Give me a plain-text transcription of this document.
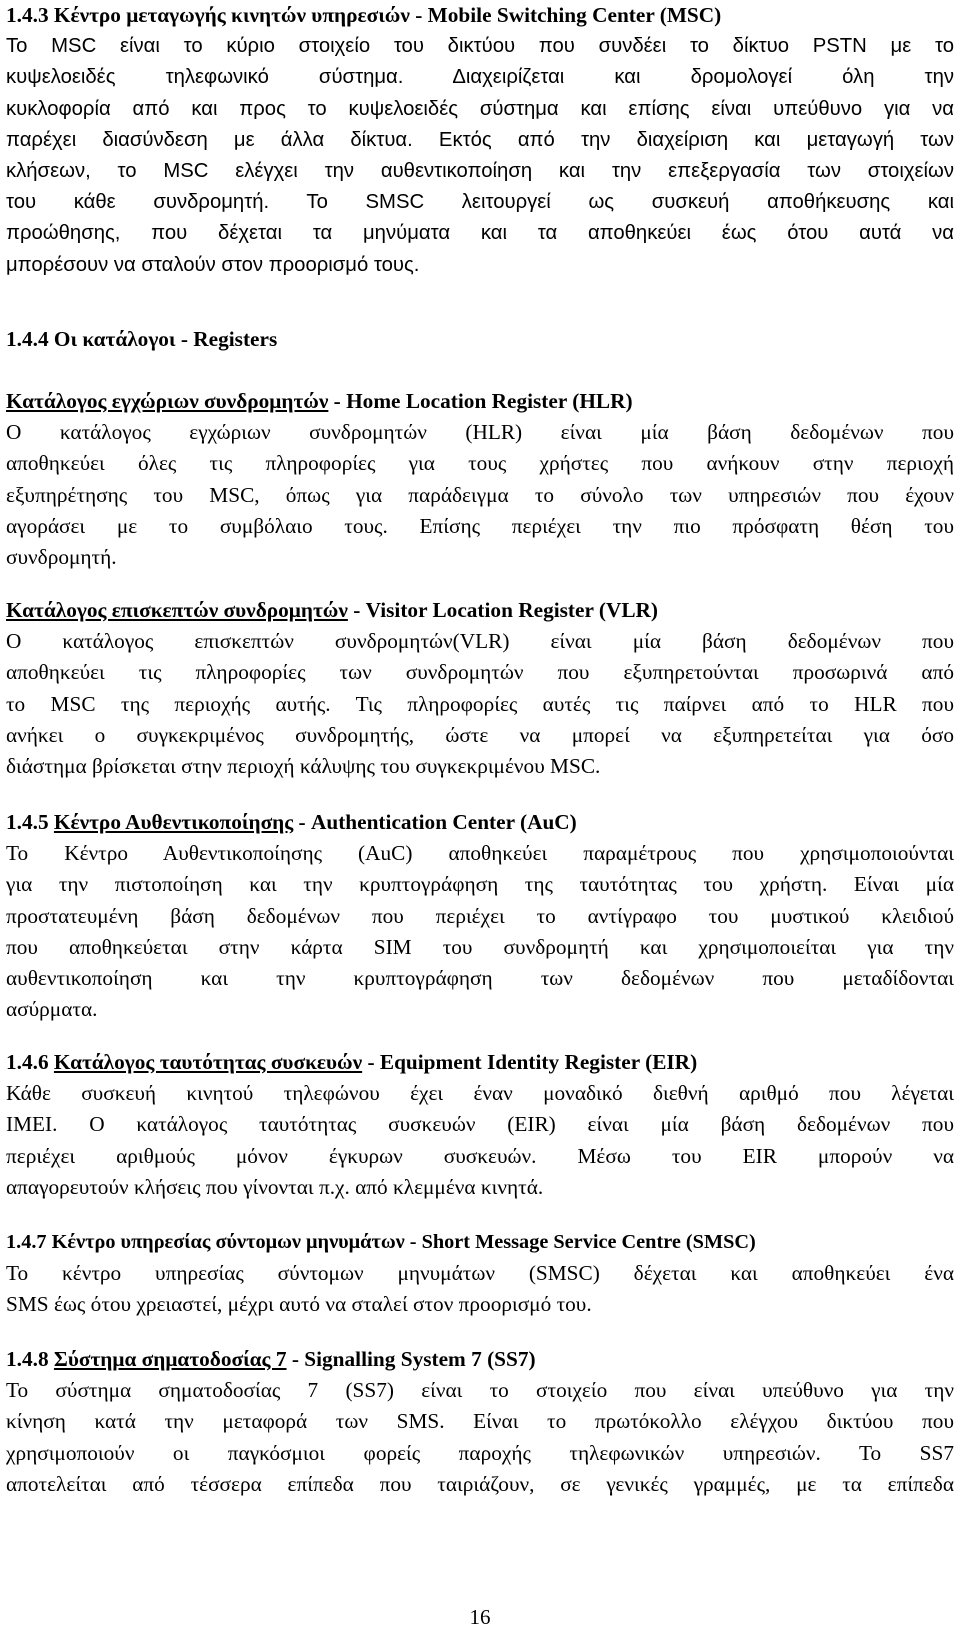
1.4.3 Κέντρο μεταγωγής κινητών υπηρεσιών - Mobile Switching Center (MSC)
Το MSC είναι το κύριο στοιχείο του δικτύου που συνδέει το δίκτυο PSTN με το
κυψελοειδές τηλεφωνικό σύστημα. Διαχειρίζεται και δρομολογεί όλη την
κυκλοφορία από και προς το κυψελοειδές σύστημα και επίσης είναι υπεύθυνο για να
παρέχει διασύνδεση με άλλα δίκτυα. Εκτός από την διαχείριση και μεταγωγή των
κλήσεων, το MSC ελέγχει την αυθεντικοποίηση και την επεξεργασία των στοιχείων
του κάθε συνδρομητή. Το SMSC λειτουργεί ως συσκευή αποθήκευσης και
προώθησης, που δέχεται τα μηνύματα και τα αποθηκεύει έως ότου αυτά να
μπορέσουν να σταλούν στον προορισμό τους.
1.4.4 Οι κατάλογοι - Registers
Κατάλογος εγχώριων συνδρομητών - Home Location Register (HLR)
Ο κατάλογος εγχώριων συνδρομητών (HLR) είναι μία βάση δεδομένων που
αποθηκεύει όλες τις πληροφορίες για τους χρήστες που ανήκουν στην περιοχή
εξυπηρέτησης του MSC, όπως για παράδειγμα το σύνολο των υπηρεσιών που έχουν
αγοράσει με το συμβόλαιο τους. Επίσης περιέχει την πιο πρόσφατη θέση του
συνδρομητή.
Κατάλογος επισκεπτών συνδρομητών - Visitor Location Register (VLR)
Ο κατάλογος επισκεπτών συνδρομητών(VLR) είναι μία βάση δεδομένων που
αποθηκεύει τις πληροφορίες των συνδρομητών που εξυπηρετούνται προσωρινά από
το MSC της περιοχής αυτής. Τις πληροφορίες αυτές τις παίρνει από το HLR που
ανήκει ο συγκεκριμένος συνδρομητής, ώστε να μπορεί να εξυπηρετείται για όσο
διάστημα βρίσκεται στην περιοχή κάλυψης του συγκεκριμένου MSC.
1.4.5 Κέντρο Αυθεντικοποίησης - Authentication Center (AuC)
Το Κέντρο Αυθεντικοποίησης (AuC) αποθηκεύει παραμέτρους που χρησιμοποιούνται
για την πιστοποίηση και την κρυπτογράφηση της ταυτότητας του χρήστη. Είναι μία
προστατευμένη βάση δεδομένων που περιέχει το αντίγραφο του μυστικού κλειδιού
που αποθηκεύεται στην κάρτα SIM του συνδρομητή και χρησιμοποιείται για την
αυθεντικοποίηση και την κρυπτογράφηση των δεδομένων που μεταδίδονται
ασύρματα.
1.4.6 Κατάλογος ταυτότητας συσκευών - Equipment Identity Register (EIR)
Κάθε συσκευή κινητού τηλεφώνου έχει έναν μοναδικό διεθνή αριθμό που λέγεται
IMEI. Ο κατάλογος ταυτότητας συσκευών (EIR) είναι μία βάση δεδομένων που
περιέχει αριθμούς μόνον έγκυρων συσκευών. Μέσω του EIR μπορούν να
απαγορευτούν κλήσεις που γίνονται π.χ. από κλεμμένα κινητά.
1.4.7 Κέντρο υπηρεσίας σύντομων μηνυμάτων - Short Message Service Centre (SMSC)
Το κέντρο υπηρεσίας σύντομων μηνυμάτων (SMSC) δέχεται και αποθηκεύει ένα
SMS έως ότου χρειαστεί, μέχρι αυτό να σταλεί στον προορισμό του.
1.4.8 Σύστημα σηματοδοσίας 7 - Signalling System 7 (SS7)
Το σύστημα σηματοδοσίας 7 (SS7) είναι το στοιχείο που είναι υπεύθυνο για την
κίνηση κατά την μεταφορά των SMS. Είναι το πρωτόκολλο ελέγχου δικτύου που
χρησιμοποιούν οι παγκόσμιοι φορείς παροχής τηλεφωνικών υπηρεσιών. Το SS7
αποτελείται από τέσσερα επίπεδα που ταιριάζουν, σε γενικές γραμμές, με τα επίπεδα
16
